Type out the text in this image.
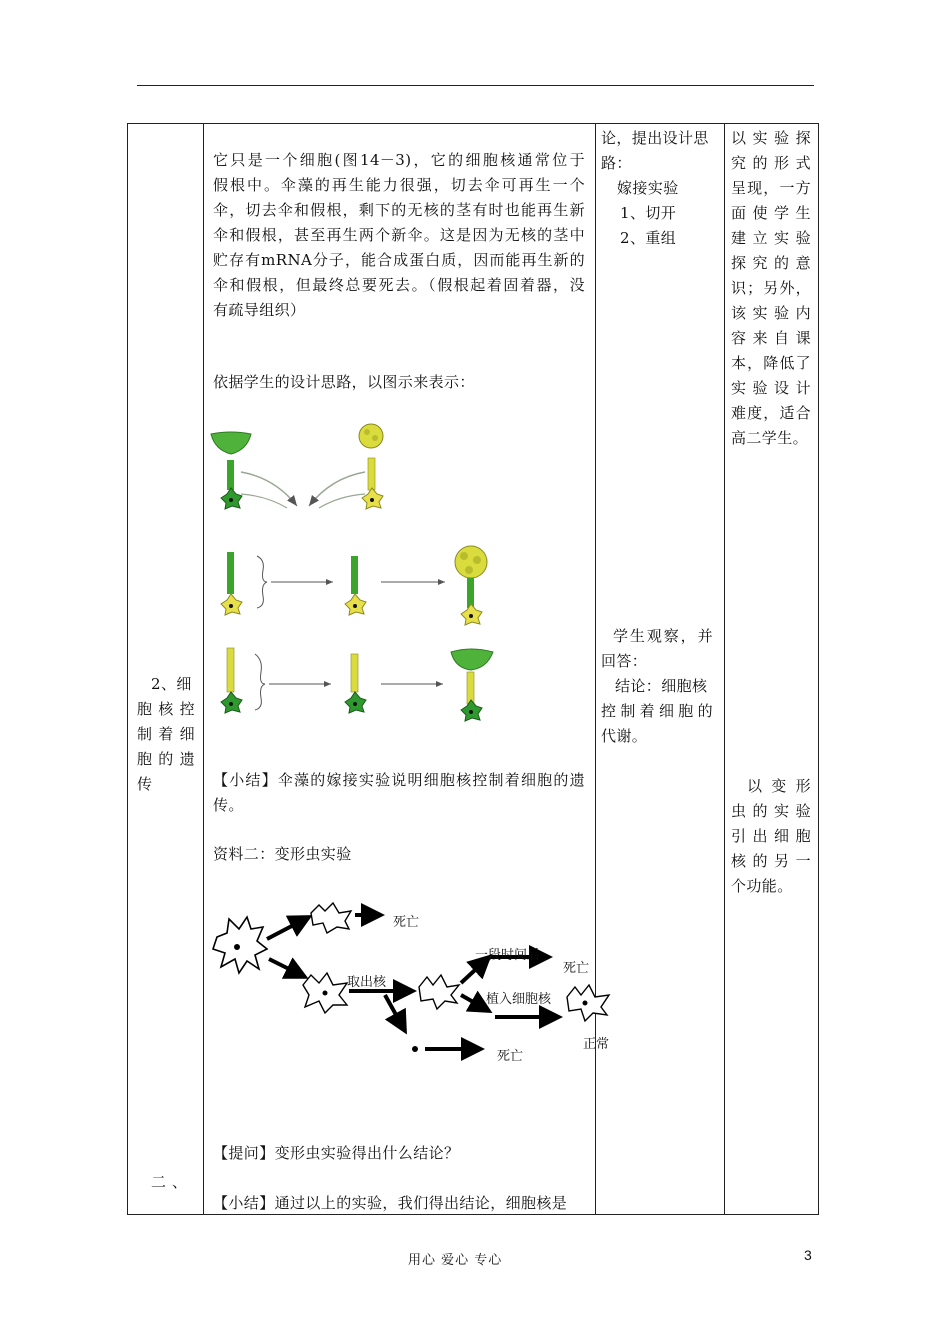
2、细
胞核控
制着细
胞的遗
传
二、
它只是一个细胞(图14－3)，它的细胞核通常位于
假根中。伞藻的再生能力很强，切去伞可再生一个
伞，切去伞和假根，剩下的无核的茎有时也能再生新
伞和假根，甚至再生两个新伞。这是因为无核的茎中
贮存有mRNA分子，能合成蛋白质，因而能再生新的
伞和假根，但最终总要死去。（假根起着固着器，没
有疏导组织）
依据学生的设计思路，以图示来表示：
【小结】伞藻的嫁接实验说明细胞核控制着细胞的遗
传。
资料二：变形虫实验
死亡
取出核
一段时间后
死亡
植入细胞核
正常
死亡
【提问】变形虫实验得出什么结论？
【小结】通过以上的实验，我们得出结论，细胞核是
论，提出设计思
路：
嫁接实验
1、切开
2、重组
学生观察，并
回答：
结论：细胞核
控制着细胞的
代谢。
以实验探
究的形式
呈现，一方
面使学生
建立实验
探究的意
识；另外，
该实验内
容来自课
本，降低了
实验设计
难度，适合
高二学生。
以变形
虫的实验
引出细胞
核的另一
个功能。
用心 爱心 专心	3
